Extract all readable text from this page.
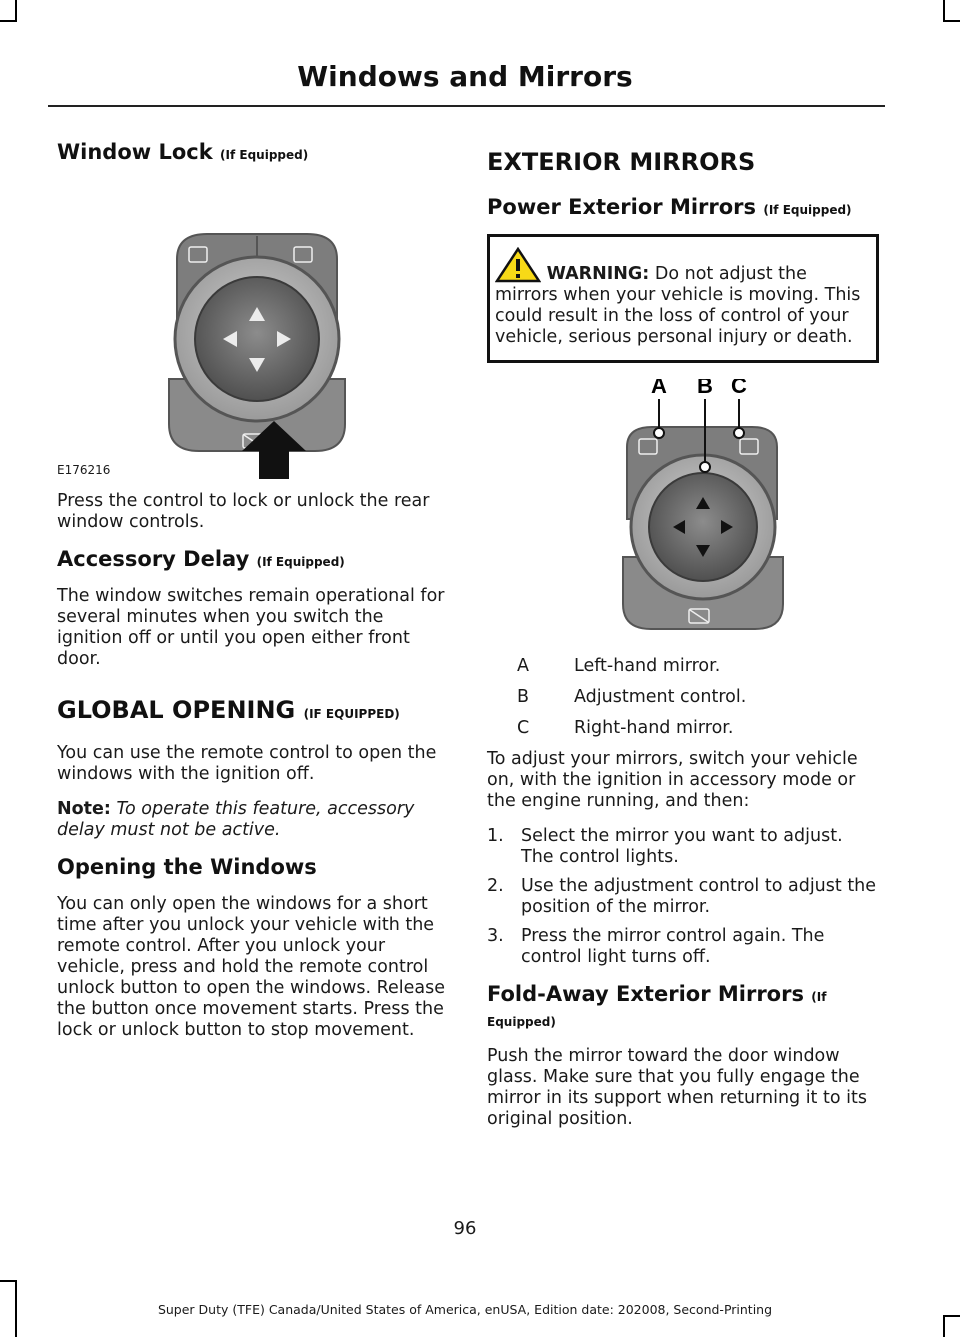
Windows and Mirrors
Window Lock (If Equipped)
E176216

Press the control to lock or unlock the rear window controls.

Accessory Delay (If Equipped)

The window switches remain operational for several minutes when you switch the ignition off or until you open either front door.

GLOBAL OPENING (IF EQUIPPED)

You can use the remote control to open the windows with the ignition off.

Note: To operate this feature, accessory delay must not be active.

Opening the Windows

You can only open the windows for a short time after you unlock your vehicle with the remote control. After you unlock your vehicle, press and hold the remote control unlock button to open the windows. Release the button once movement starts. Press the lock or unlock button to stop movement.

EXTERIOR MIRRORS
Power Exterior Mirrors (If Equipped)
WARNING: Do not adjust the mirrors when your vehicle is moving. This could result in the loss of control of your vehicle, serious personal injury or death.
A B C
A	Left-hand mirror.
B	Adjustment control.
C	Right-hand mirror.

To adjust your mirrors, switch your vehicle on, with the ignition in accessory mode or the engine running, and then:

1. Select the mirror you want to adjust. The control lights.
2. Use the adjustment control to adjust the position of the mirror.
3. Press the mirror control again. The control light turns off.
Fold-Away Exterior Mirrors (If Equipped)

Push the mirror toward the door window glass. Make sure that you fully engage the mirror in its support when returning it to its original position.

96
Super Duty (TFE) Canada/United States of America, enUSA, Edition date: 202008, Second-Printing
